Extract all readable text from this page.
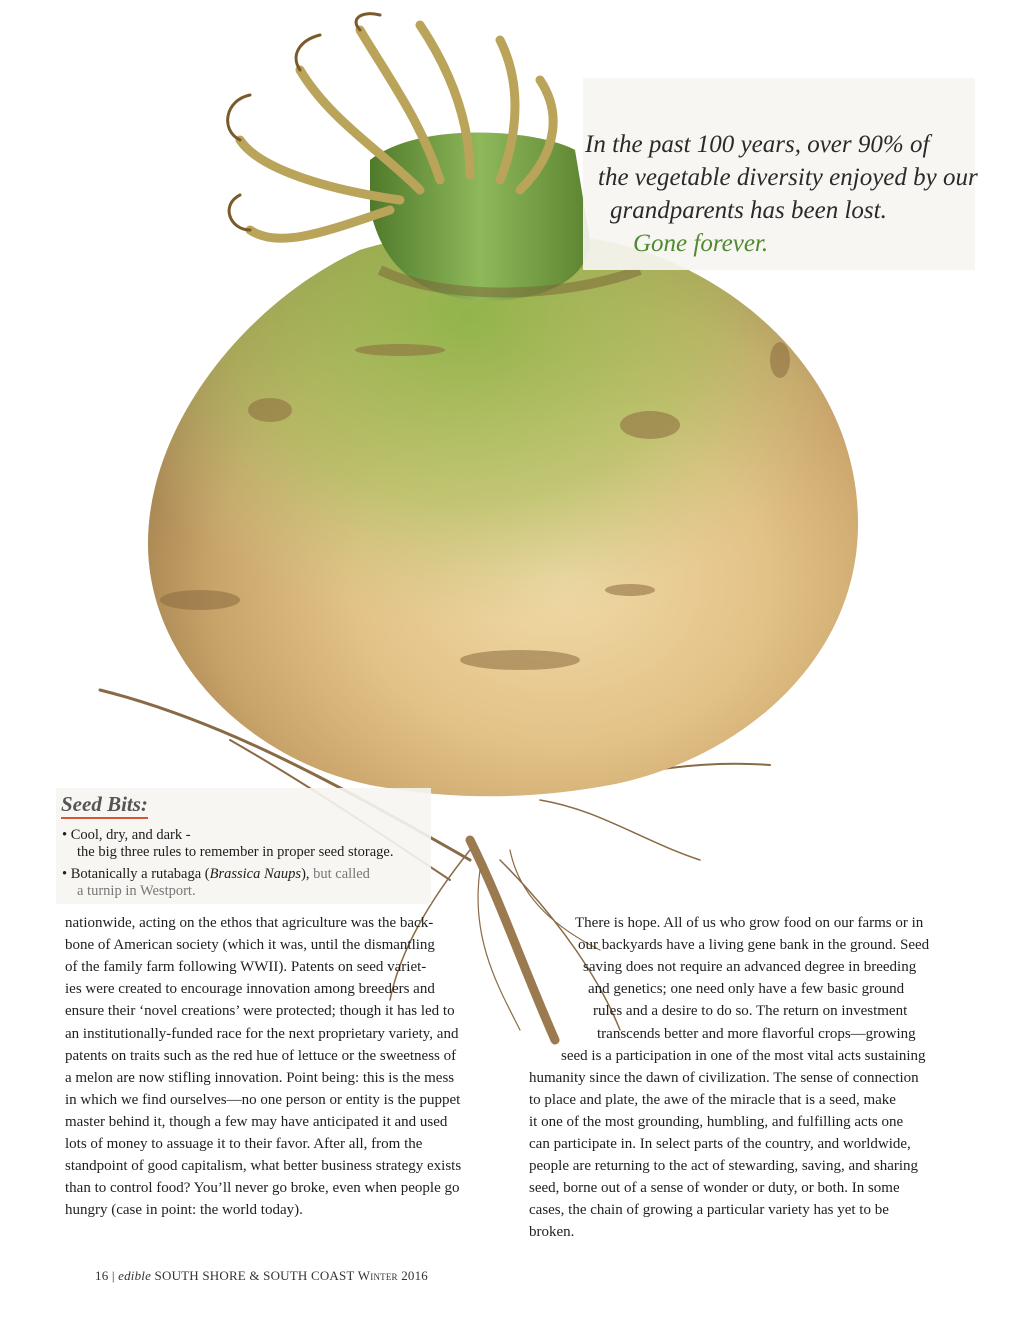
In the past 100 years, over 90% of
the vegetable diversity enjoyed by our
grandparents has been lost.
Gone forever.
Seed Bits:
• Cool, dry, and dark -
the big three rules to remember in proper seed storage.
• Botanically a rutabaga (Brassica Naups), but called
a turnip in Westport.
nationwide, acting on the ethos that agriculture was the back-
bone of American society (which it was, until the dismantling
of the family farm following WWII). Patents on seed variet-
ies were created to encourage innovation among breeders and
ensure their ‘novel creations’ were protected; though it has led to
an institutionally-funded race for the next proprietary variety, and
patents on traits such as the red hue of lettuce or the sweetness of
a melon are now stifling innovation. Point being: this is the mess
in which we find ourselves—no one person or entity is the puppet
master behind it, though a few may have anticipated it and used
lots of money to assuage it to their favor. After all, from the
standpoint of good capitalism, what better business strategy exists
than to control food? You’ll never go broke, even when people go
hungry (case in point: the world today).
There is hope. All of us who grow food on our farms or in
our backyards have a living gene bank in the ground. Seed
saving does not require an advanced degree in breeding
and genetics; one need only have a few basic ground
rules and a desire to do so. The return on investment
transcends better and more flavorful crops—growing
seed is a participation in one of the most vital acts sustaining
humanity since the dawn of civilization. The sense of connection
to place and plate, the awe of the miracle that is a seed, make
it one of the most grounding, humbling, and fulfilling acts one
can participate in. In select parts of the country, and worldwide,
people are returning to the act of stewarding, saving, and sharing
seed, borne out of a sense of wonder or duty, or both. In some
cases, the chain of growing a particular variety has yet to be
broken.
16 | edible SOUTH SHORE & SOUTH COAST Winter 2016
